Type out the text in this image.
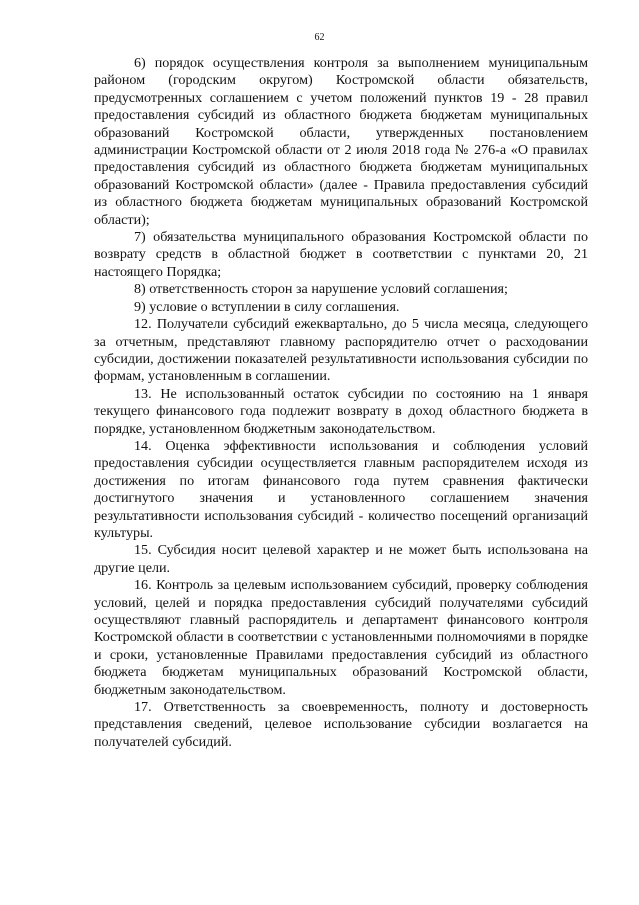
62

6) порядок осуществления контроля за выполнением муниципальным районом (городским округом) Костромской области обязательств, предусмотренных соглашением с учетом положений пунктов 19 - 28 правил предоставления субсидий из областного бюджета бюджетам муниципальных образований Костромской области, утвержденных постановлением администрации Костромской области от 2 июля 2018 года № 276-а «О правилах предоставления субсидий из областного бюджета бюджетам муниципальных образований Костромской области» (далее - Правила предоставления субсидий из областного бюджета бюджетам муниципальных образований Костромской области);

7) обязательства муниципального образования Костромской области по возврату средств в областной бюджет в соответствии с пунктами 20, 21 настоящего Порядка;

8) ответственность сторон за нарушение условий соглашения;

9) условие о вступлении в силу соглашения.

12. Получатели субсидий ежеквартально, до 5 числа месяца, следующего за отчетным, представляют главному распорядителю отчет о расходовании субсидии, достижении показателей результативности использования субсидии по формам, установленным в соглашении.

13. Не использованный остаток субсидии по состоянию на 1 января текущего финансового года подлежит возврату в доход областного бюджета в порядке, установленном бюджетным законодательством.

14. Оценка эффективности использования и соблюдения условий предоставления субсидии осуществляется главным распорядителем исходя из достижения по итогам финансового года путем сравнения фактически достигнутого значения и установленного соглашением значения результативности использования субсидий - количество посещений организаций культуры.

15. Субсидия носит целевой характер и не может быть использована на другие цели.

16. Контроль за целевым использованием субсидий, проверку соблюдения условий, целей и порядка предоставления субсидий получателями субсидий осуществляют главный распорядитель и департамент финансового контроля Костромской области в соответствии с установленными полномочиями в порядке и сроки, установленные Правилами предоставления субсидий из областного бюджета бюджетам муниципальных образований Костромской области, бюджетным законодательством.

17. Ответственность за своевременность, полноту и достоверность представления сведений, целевое использование субсидии возлагается на получателей субсидий.
